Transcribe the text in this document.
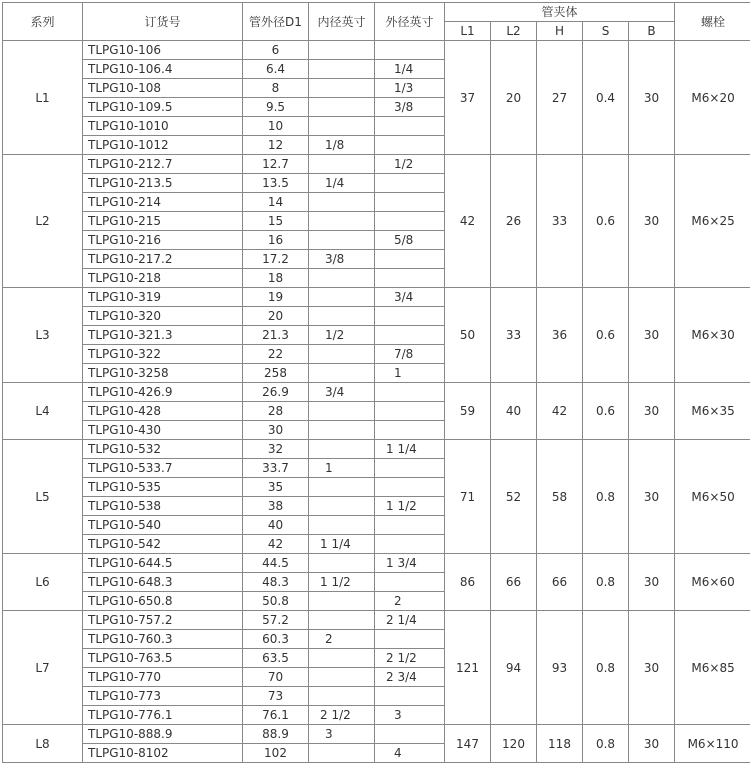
系列	订货号	管外径D1	内径英寸	外径英寸	管夹体					螺栓
					L1	L2	H	S	B	
L1	TLPG10-106	6			37	20	27	0.4	30	M6×20
	TLPG10-106.4	6.4		1/4						
	TLPG10-108	8		1/3						
	TLPG10-109.5	9.5		3/8						
	TLPG10-1010	10								
	TLPG10-1012	12	1/8							
L2	TLPG10-212.7	12.7		1/2	42	26	33	0.6	30	M6×25
	TLPG10-213.5	13.5	1/4							
	TLPG10-214	14								
	TLPG10-215	15								
	TLPG10-216	16		5/8						
	TLPG10-217.2	17.2	3/8							
	TLPG10-218	18								
L3	TLPG10-319	19		3/4	50	33	36	0.6	30	M6×30
	TLPG10-320	20								
	TLPG10-321.3	21.3	1/2							
	TLPG10-322	22		7/8						
	TLPG10-3258	258		1						
L4	TLPG10-426.9	26.9	3/4		59	40	42	0.6	30	M6×35
	TLPG10-428	28								
	TLPG10-430	30								
L5	TLPG10-532	32		1 1/4	71	52	58	0.8	30	M6×50
	TLPG10-533.7	33.7	1							
	TLPG10-535	35								
	TLPG10-538	38		1 1/2						
	TLPG10-540	40								
	TLPG10-542	42	1 1/4							
L6	TLPG10-644.5	44.5		1 3/4	86	66	66	0.8	30	M6×60
	TLPG10-648.3	48.3	1 1/2							
	TLPG10-650.8	50.8		2						
L7	TLPG10-757.2	57.2		2 1/4	121	94	93	0.8	30	M6×85
	TLPG10-760.3	60.3	2							
	TLPG10-763.5	63.5		2 1/2						
	TLPG10-770	70		2 3/4						
	TLPG10-773	73								
	TLPG10-776.1	76.1	2 1/2	3						
L8	TLPG10-888.9	88.9	3		147	120	118	0.8	30	M6×110
	TLPG10-8102	102		4						
